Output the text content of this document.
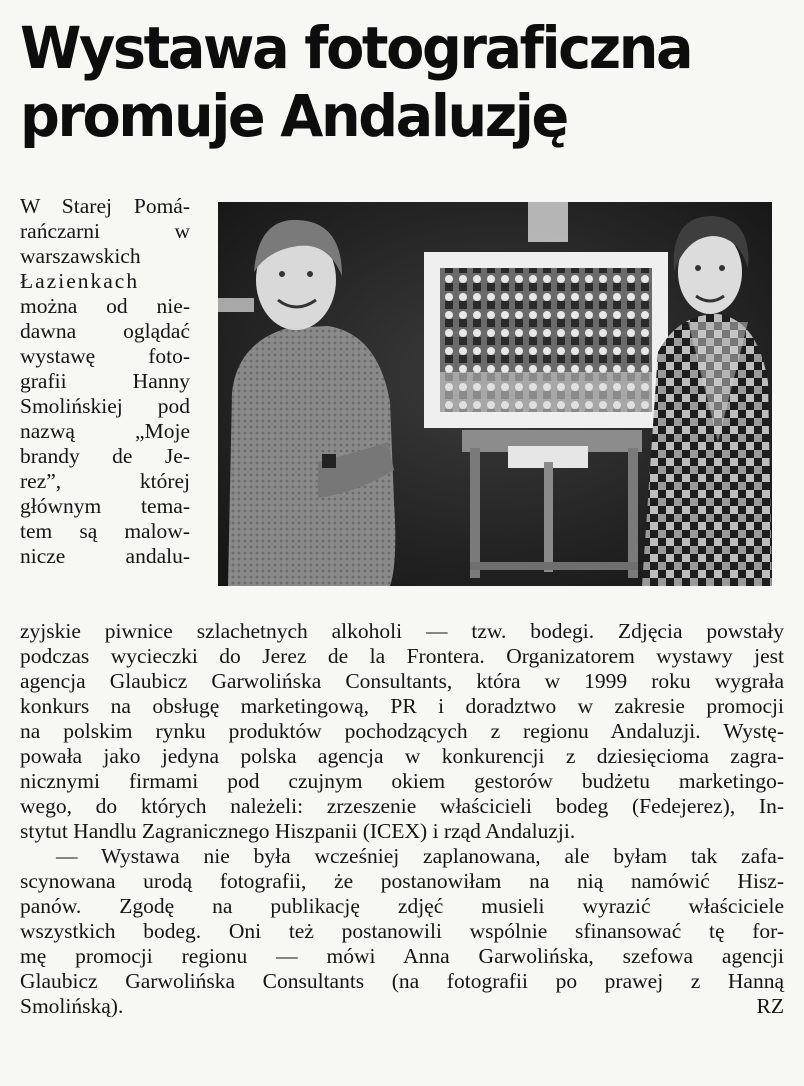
Wystawa fotograficzna
promuje Andaluzję
W Starej Pomá-
rańczarni w
warszawskich
Łazienkach
można od nie-
dawna oglądać
wystawę foto-
grafii Hanny
Smolińskiej pod
nazwą „Moje
brandy de Je-
rez”, której
głównym tema-
tem są malow-
nicze andalu-
zyjskie piwnice szlachetnych alkoholi — tzw. bodegi. Zdjęcia powstały
podczas wycieczki do Jerez de la Frontera. Organizatorem wystawy jest
agencja Glaubicz Garwolińska Consultants, która w 1999 roku wygrała
konkurs na obsługę marketingową, PR i doradztwo w zakresie promocji
na polskim rynku produktów pochodzących z regionu Andaluzji. Wystę-
powała jako jedyna polska agencja w konkurencji z dziesięcioma zagra-
nicznymi firmami pod czujnym okiem gestorów budżetu marketingo-
wego, do których należeli: zrzeszenie właścicieli bodeg (Fedejerez), In-
stytut Handlu Zagranicznego Hiszpanii (ICEX) i rząd Andaluzji.
— Wystawa nie była wcześniej zaplanowana, ale byłam tak zafa-
scynowana urodą fotografii, że postanowiłam na nią namówić Hisz-
panów. Zgodę na publikację zdjęć musieli wyrazić właściciele
wszystkich bodeg. Oni też postanowili wspólnie sfinansować tę for-
mę promocji regionu — mówi Anna Garwolińska, szefowa agencji
Glaubicz Garwolińska Consultants (na fotografii po prawej z Hanną
Smolińską).	RZ
